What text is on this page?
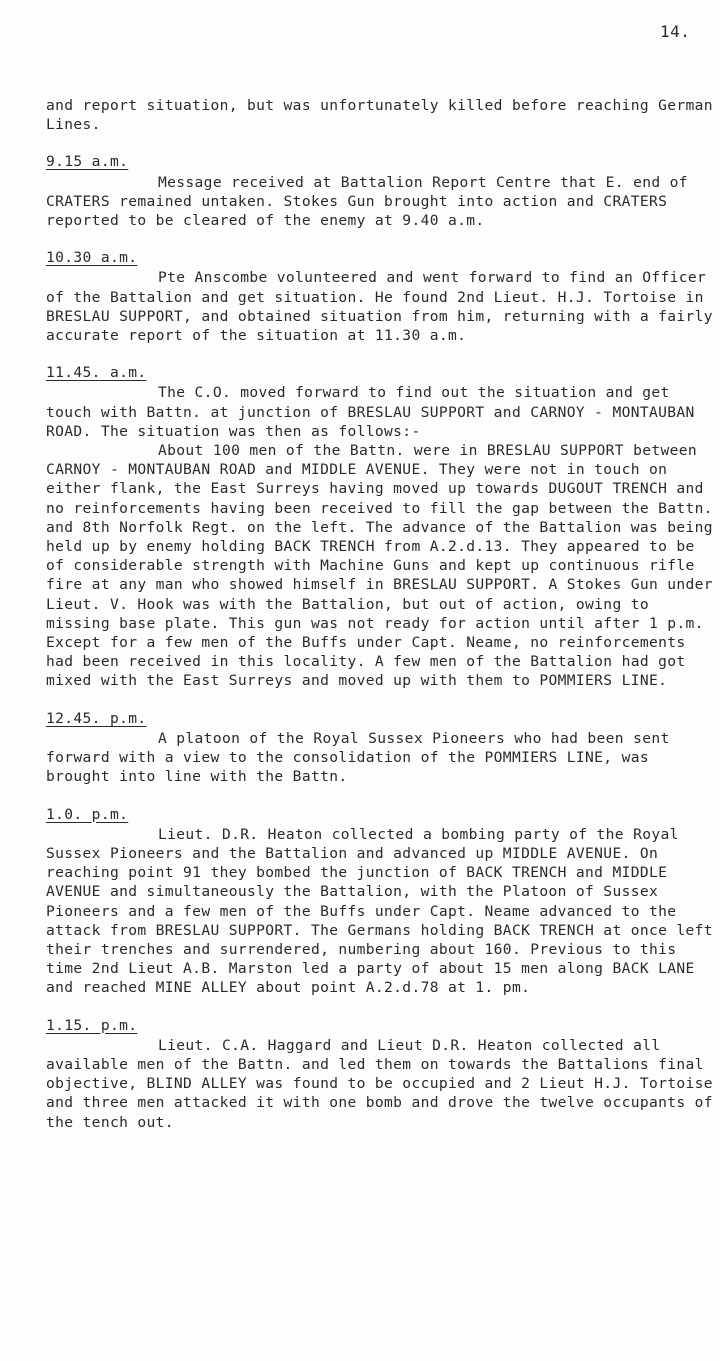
14.

and report situation, but was unfortunately killed before reaching German Lines.

9.15 a.m.

Message received at Battalion Report Centre that E. end of CRATERS remained untaken. Stokes Gun brought into action and CRATERS reported to be cleared of the enemy at 9.40 a.m.

10.30 a.m.

Pte Anscombe volunteered and went forward to find an Officer of the Battalion and get situation. He found 2nd Lieut. H.J. Tortoise in BRESLAU SUPPORT, and obtained situation from him, returning with a fairly accurate report of the situation at 11.30 a.m.

11.45. a.m.

The C.O. moved forward to find out the situation and get touch with Battn. at junction of BRESLAU SUPPORT and CARNOY - MONTAUBAN ROAD. The situation was then as follows:-

About 100 men of the Battn. were in BRESLAU SUPPORT between CARNOY - MONTAUBAN ROAD and MIDDLE AVENUE. They were not in touch on either flank, the East Surreys having moved up towards DUGOUT TRENCH and no reinforcements having been received to fill the gap between the Battn. and 8th Norfolk Regt. on the left. The advance of the Battalion was being held up by enemy holding BACK TRENCH from A.2.d.13. They appeared to be of considerable strength with Machine Guns and kept up continuous rifle fire at any man who showed himself in BRESLAU SUPPORT. A Stokes Gun under Lieut. V. Hook was with the Battalion, but out of action, owing to missing base plate. This gun was not ready for action until after 1 p.m. Except for a few men of the Buffs under Capt. Neame, no reinforcements had been received in this locality. A few men of the Battalion had got mixed with the East Surreys and moved up with them to POMMIERS LINE.

12.45. p.m.

A platoon of the Royal Sussex Pioneers who had been sent forward with a view to the consolidation of the POMMIERS LINE, was brought into line with the Battn.

1.0. p.m.

Lieut. D.R. Heaton collected a bombing party of the Royal Sussex Pioneers and the Battalion and advanced up MIDDLE AVENUE. On reaching point 91 they bombed the junction of BACK TRENCH and MIDDLE AVENUE and simultaneously the Battalion, with the Platoon of Sussex Pioneers and a few men of the Buffs under Capt. Neame advanced to the attack from BRESLAU SUPPORT. The Germans holding BACK TRENCH at once left their trenches and surrendered, numbering about 160. Previous to this time 2nd Lieut A.B. Marston led a party of about 15 men along BACK LANE and reached MINE ALLEY about point A.2.d.78 at 1. pm.

1.15. p.m.

Lieut. C.A. Haggard and Lieut D.R. Heaton collected all available men of the Battn. and led them on towards the Battalions final objective, BLIND ALLEY was found to be occupied and 2 Lieut H.J. Tortoise and three men attacked it with one bomb and drove the twelve occupants of the tench out.
